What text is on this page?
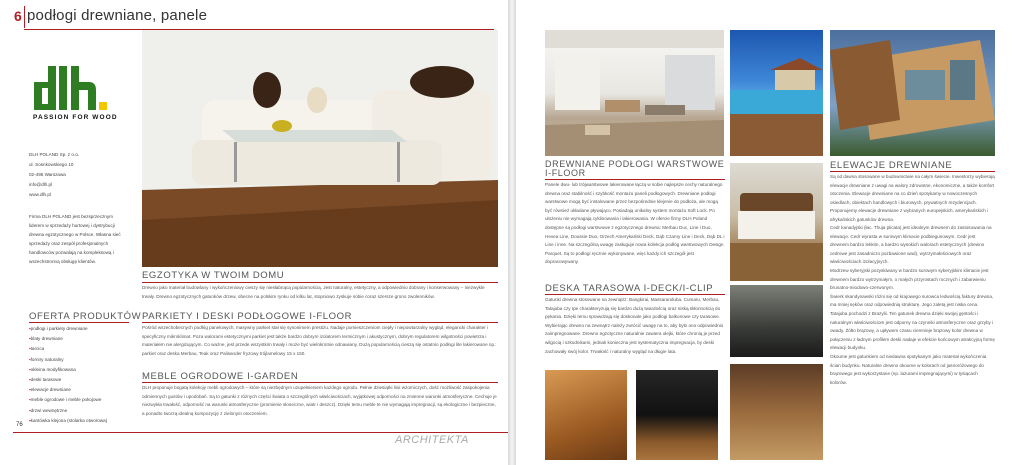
6 podłogi drewniane, panele
PASSION FOR WOOD
DLH POLAND Sp. z o.o.
ul. Sosnkowskiego 10
02-495 Warszawa
info@dlh.pl
www.dlh.pl
Firma DLH POLAND jest bezsprzecznym liderem w sprzedaży hurtowej i dystrybucji drewna egzotycznego w Polsce. Własna sieć sprzedaży oraz zespół profesjonalnych handlowców pozwalają na kompleksową i wszechstronną obsługę klientów.
EGZOTYKA W TWOIM DOMU
Drewno jako materiał budowlany i wykończeniowy cieszy się niesłabnącą popularnością. Jest naturalny, estetyczny, a odpowiednio dobrany i konserwowany – niezwykle trwały. Drewno egzotycznych gatunków drzew, obecne na polskim rynku od kilku lat, stopniowo zyskuje sobie coraz szersze grono zwolenników.
OFERTA PRODUKTÓW
▪ podłogi i parkiety drewniane
▪ blaty drewniane
▪ tarcica
▪ forniry naturalny
▪ okleina modyfikowana
▪ deski tarasowe
▪ elewacje drewniane
▪ meble ogrodowe i meble pokojowe
▪ drzwi wewnętrzne
▪ kantówka klejona (stolarka otworowa)
PARKIETY I DESKI PODŁOGOWE I-FLOOR
Pośród wszechobecnych podłóg panelowych, masywny parkiet stał się synonimem prestiżu. Nadaje pomieszczeniom ciepły i niepowtarzalny wygląd, elegancki charakter i specyficzny mikroklimat. Poza walorami estetycznymi parkiet jest także bardzo dobrym izolatorem termicznym i akustycznym, dobrym regulatorem wilgotności powietrza i materiałem nie alergizującym. Co ważne, jest przede wszystkim trwały i może być wielokrotnie odnawiany. Dużą popularnością cieszą się ostatnio podłogi lite lakierowane np.: parkiet oraz deska Merbau, Teak oraz Palisander fryzowy trójlamelowy 15 x 150.
MEBLE OGRODOWE I-GARDEN
DLH proponuje bogatą kolekcję mebli ogrodowych – które są niezbędnym uzupełnieniem każdego ogrodu. Pełnie dziesiątki linii wzorniczych, dość możliwość zaspokojenia odmiennych gustów i upodobań. Są to gatunki z różnych części świata o szczególnych właściwościach, wyjątkowej odporności na zmienne warunki atmosferyczne. Cechuje je niezwykła trwałość, odporność na warunki atmosferyczne (promienie słoneczne, wiatr i deszcz). Dzięki temu meble te nie wymagają impregnacji, są ekologiczne i bezpieczne, a ponadto tworzą idealną kompozycję z zielonym otoczeniem.
76
ARCHITEKTA
DREWNIANE PODŁOGI WARSTWOWE I-FLOOR
Panele dwu- lub trójwarstwowe lakierowane łączą w sobie najlepsze cechy naturalnego drewna oraz stabilność i szybkość montażu paneli podłogowych. Drewniane podłogi warstwowe mogą być instalowane przez bezpośrednie klejenie do podłoża, ale mogą być również układane pływająco. Posiadają unikalny system montażu Soft Lock. Po ułożeniu nie wymagają cyklinowania i lakierowania. W ofercie firmy DLH Poland dostępne są podłogi warstwowe z egzotycznego drewna: Merbau Duc, Line i Duo, Hevea Line, Doussie Duo, Orzech Amerykański Deck, Dąb Czarny Line i Deck, Dąb DL i Line i inne. Na szczególną uwagę zasługuje nowa kolekcja podłóg warstwowych Design Parquet. Są to podłogi ręcznie wykonywane, więc każdy ich szczegół jest dopracowywany.
DESKA TARASOWA I-DECK/I-CLIP
Gatunki drewna stosowane na zewnątrz: Bangkirai, Massaranduba, Cumaru, Merbau, Tatajuba czy Ipe charakteryzują się bardzo dużą twardością oraz niską skłonnością do pękania. Dzięki temu sprawdzają się doskonale jako podłogi balkonowe czy tarasowe. Wybierając drewno na zewnątrz należy zwrócić uwagę na to, aby było ono odpowiednio zaimpregnowane. Drewno egzotyczne naturalnie zawiera olejki, które chronią je przed wilgocią i szkodnikami, jednak konieczna jest systematyczna impregnacja, by deski zachowały swój kolor. Trwałość i naturalny wygląd na długie lata.
ELEWACJE DREWNIANE
Są od dawna stosowane w budownictwie na całym świecie. Inwestorzy wybierają elewacje drewniane z uwagi na walory zdrowotne, ekonomiczne, a także komfort otoczenia. Elewacje drewniane na co dzień spotykamy w nowoczesnych osiedlach, obiektach handlowych i biurowych, prywatnych rezydencjach. Proponujemy elewacje drewniane z wybranych europejskich, amerykańskich i afrykańskich gatunków drewna.
Cedr kanadyjski (łac. Thuja plicata) jest idealnym drewnem do zastosowania na elewacje. Cedr wyrasta w surowym klimacie podbiegunowym. Cedr jest drewnem bardzo lekkim, a bardzo wysokich walorach estetycznych (drewno cedrowe jest zasadniczo pozbawione wad), wytrzymałościowych oraz właściwościach izolacyjnych.
Modrzew syberyjski pozyskiwany w bardzo surowym syberyjskim klimacie jest drewnem bardzo wytrzymałym, o małych przyrostach rocznych i zabarwieniu brunatno-miodowo-czerwonym.
Świerk skandynawski różni się od krajowego surowca ledwością faktury drewna, ma mniej sęków oraz odpowiednią strukturę. Jego zaletą jest niska cena.
Tatajuba pochodzi z Brazylii. Ten gatunek drewna dzięki swojej gęstości i naturalnym właściwościom jest odporny na czynniki atmosferyczne oraz grzyby i owady. Żółto brązowy, a upływem czasu ciemnieje brązowy kolor drewna w połączeniu z ładnym profilem deski nadaje w efekcie końcowym atrakcyjną formę elewacji budynku.
Okoume jest gatunkiem od niedawna spotykanym jako materiał wykończenia ścian budynku. Naturalne drewno okoume w kolorach od jasnoróżowego do brązowego jest wykorzystane (np. lazurami impregnującymi) w tysiącach kolorów.
